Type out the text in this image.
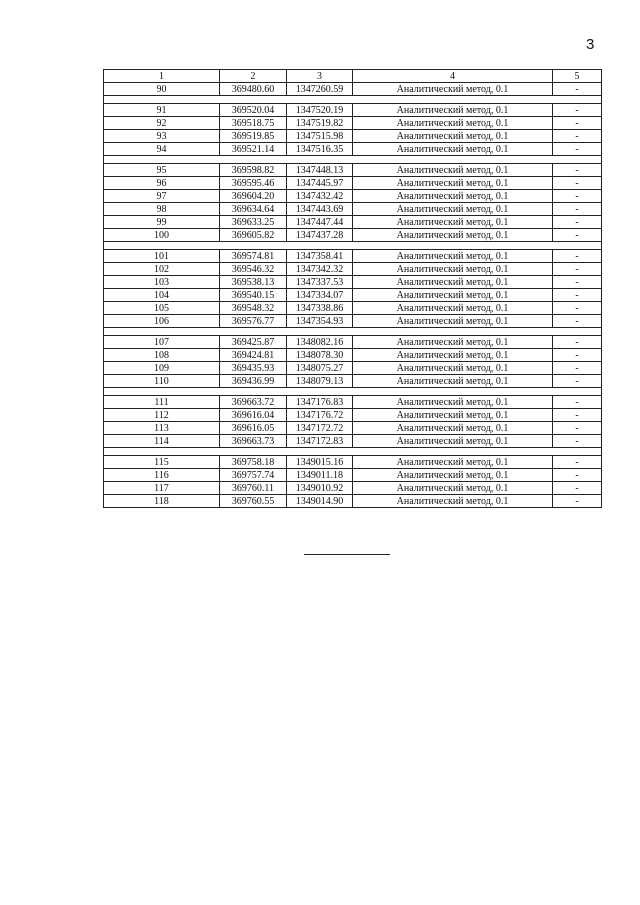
3
1	2	3	4	5
90	369480.60	1347260.59	Аналитический метод, 0.1	-

91	369520.04	1347520.19	Аналитический метод, 0.1	-
92	369518.75	1347519.82	Аналитический метод, 0.1	-
93	369519.85	1347515.98	Аналитический метод, 0.1	-
94	369521.14	1347516.35	Аналитический метод, 0.1	-

95	369598.82	1347448.13	Аналитический метод, 0.1	-
96	369595.46	1347445.97	Аналитический метод, 0.1	-
97	369604.20	1347432.42	Аналитический метод, 0.1	-
98	369634.64	1347443.69	Аналитический метод, 0.1	-
99	369633.25	1347447.44	Аналитический метод, 0.1	-
100	369605.82	1347437.28	Аналитический метод, 0.1	-

101	369574.81	1347358.41	Аналитический метод, 0.1	-
102	369546.32	1347342.32	Аналитический метод, 0.1	-
103	369538.13	1347337.53	Аналитический метод, 0.1	-
104	369540.15	1347334.07	Аналитический метод, 0.1	-
105	369548.32	1347338.86	Аналитический метод, 0.1	-
106	369576.77	1347354.93	Аналитический метод, 0.1	-

107	369425.87	1348082.16	Аналитический метод, 0.1	-
108	369424.81	1348078.30	Аналитический метод, 0.1	-
109	369435.93	1348075.27	Аналитический метод, 0.1	-
110	369436.99	1348079.13	Аналитический метод, 0.1	-

111	369663.72	1347176.83	Аналитический метод, 0.1	-
112	369616.04	1347176.72	Аналитический метод, 0.1	-
113	369616.05	1347172.72	Аналитический метод, 0.1	-
114	369663.73	1347172.83	Аналитический метод, 0.1	-

115	369758.18	1349015.16	Аналитический метод, 0.1	-
116	369757.74	1349011.18	Аналитический метод, 0.1	-
117	369760.11	1349010.92	Аналитический метод, 0.1	-
118	369760.55	1349014.90	Аналитический метод, 0.1	-
